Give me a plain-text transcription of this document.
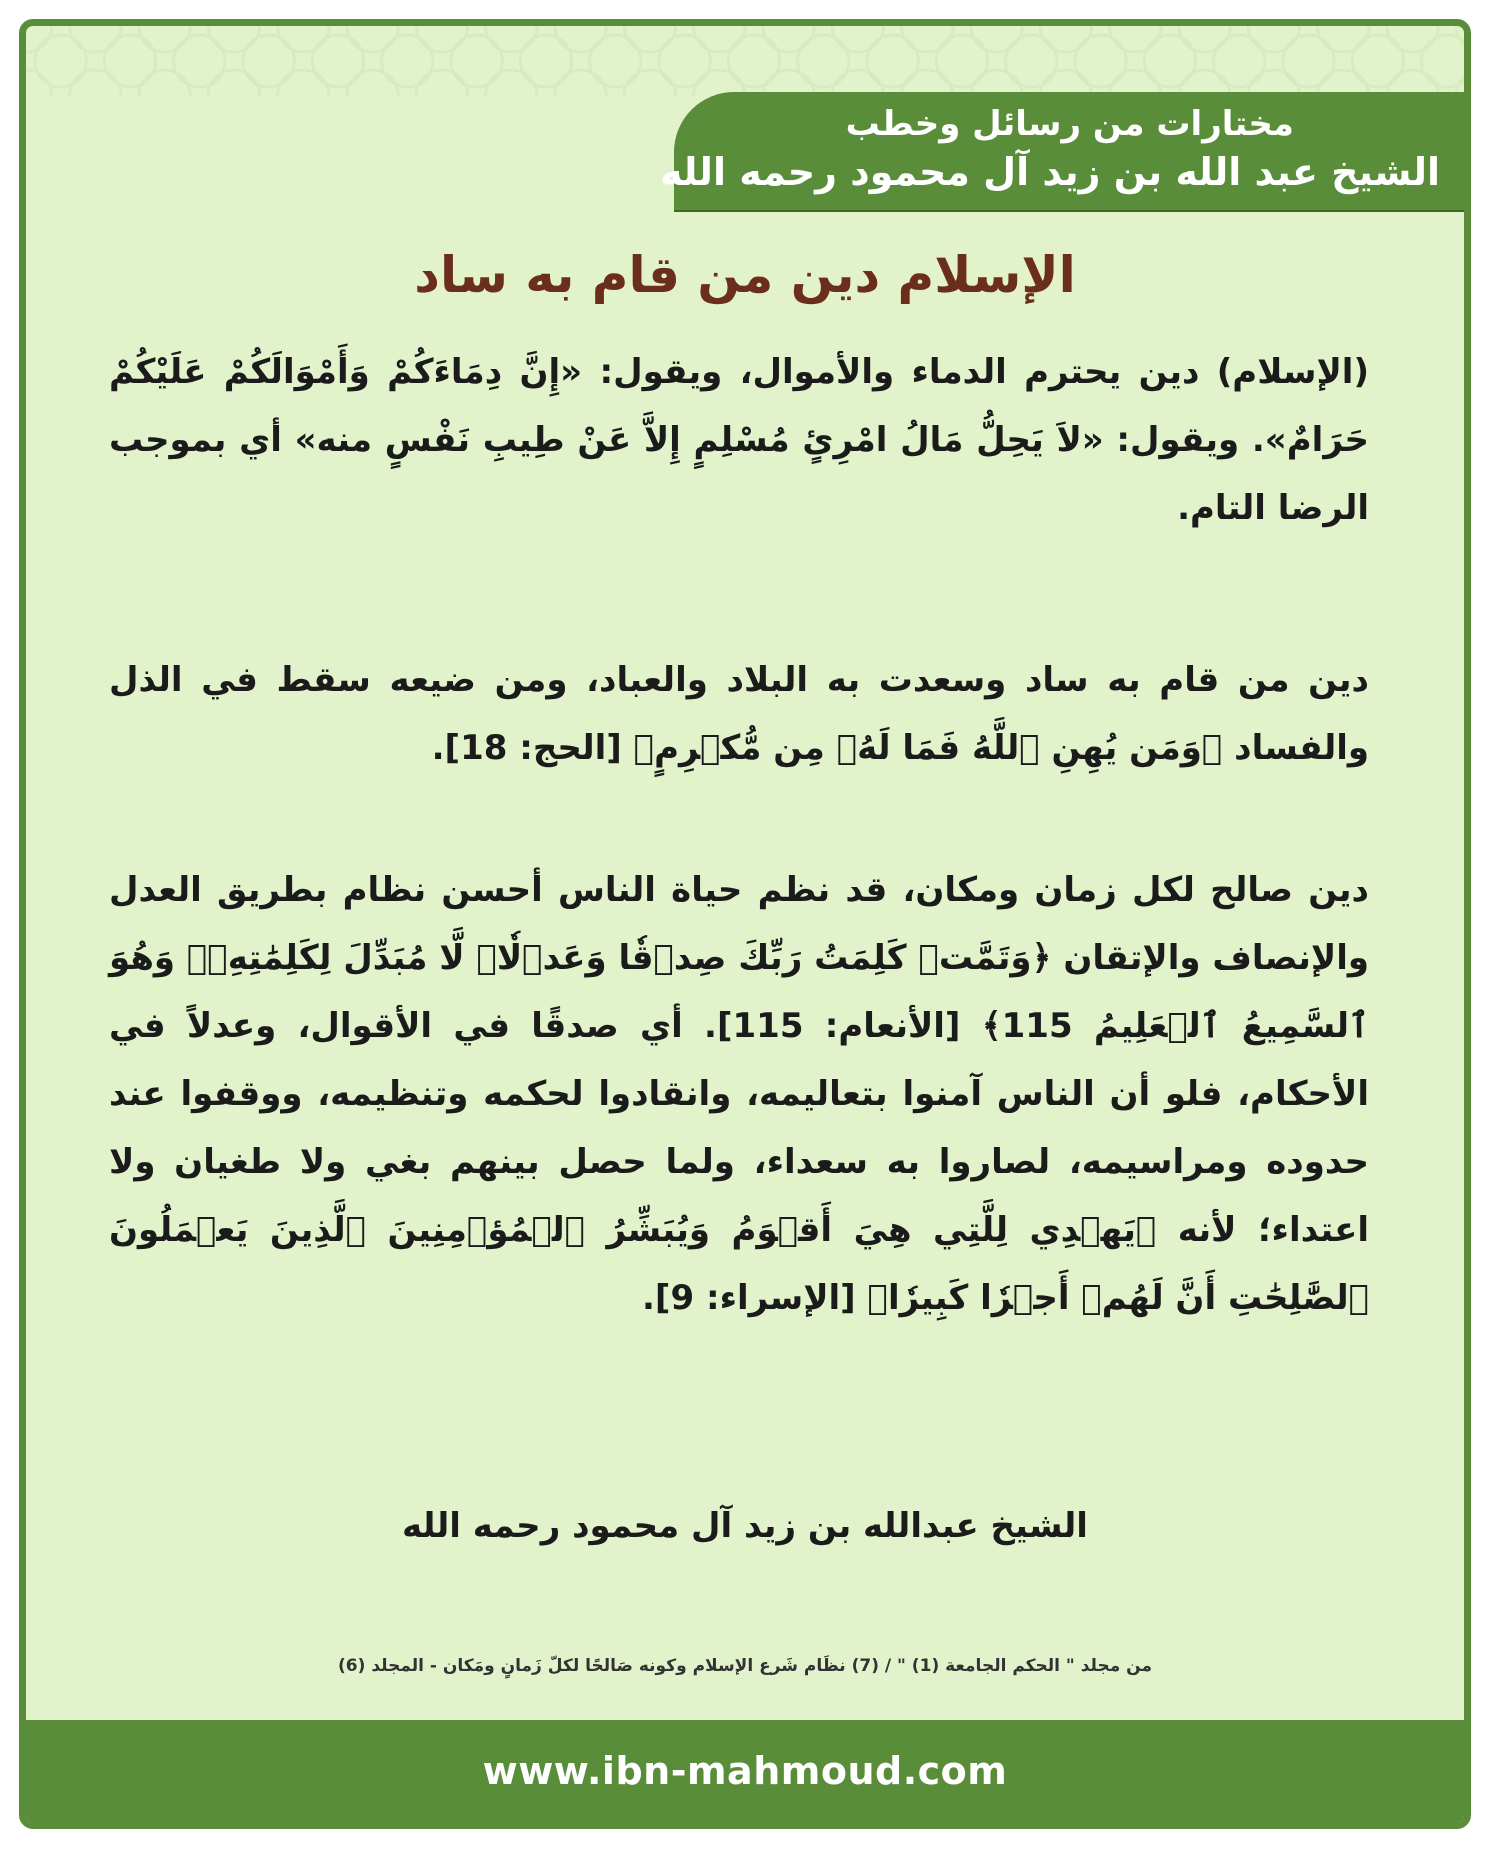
مختارات من رسائل وخطب
الشيخ عبد الله بن زيد آل محمود رحمه الله
الإسلام دين من قام به ساد
(الإسلام) دين يحترم الدماء والأموال، ويقول: «إِنَّ دِمَاءَكُمْ وَأَمْوَالَكُمْ عَلَيْكُمْ حَرَامٌ». ويقول: «لاَ يَحِلُّ مَالُ امْرِئٍ مُسْلِمٍ إِلاَّ عَنْ طِيبِ نَفْسٍ منه» أي بموجب الرضا التام.
دين من قام به ساد وسعدت به البلاد والعباد، ومن ضيعه سقط في الذل والفساد ﴿وَمَن يُهِنِ ٱللَّهُ فَمَا لَهُۥ مِن مُّكۡرِمٍ﴾ [الحج: 18].
دين صالح لكل زمان ومكان، قد نظم حياة الناس أحسن نظام بطريق العدل والإنصاف والإتقان ﴿وَتَمَّتۡ كَلِمَتُ رَبِّكَ صِدۡقٗا وَعَدۡلٗاۚ لَّا مُبَدِّلَ لِكَلِمَٰتِهِۦۚ وَهُوَ ٱلسَّمِيعُ ٱلۡعَلِيمُ 115﴾ [الأنعام: 115]. أي صدقًا في الأقوال، وعدلاً في الأحكام، فلو أن الناس آمنوا بتعاليمه، وانقادوا لحكمه وتنظيمه، ووقفوا عند حدوده ومراسيمه، لصاروا به سعداء، ولما حصل بينهم بغي ولا طغيان ولا اعتداء؛ لأنه ﴿يَهۡدِي لِلَّتِي هِيَ أَقۡوَمُ وَيُبَشِّرُ ٱلۡمُؤۡمِنِينَ ٱلَّذِينَ يَعۡمَلُونَ ٱلصَّٰلِحَٰتِ أَنَّ لَهُمۡ أَجۡرٗا كَبِيرٗا﴾ [الإسراء: 9].
الشيخ عبدالله بن زيد آل محمود رحمه الله
من مجلد " الحكم الجامعة (1) " / (7) نظَام شَرع الإسلام وكونه صَالحًا لكلّ زَمانٍ ومَكان - المجلد (6)
www.ibn-mahmoud.com
